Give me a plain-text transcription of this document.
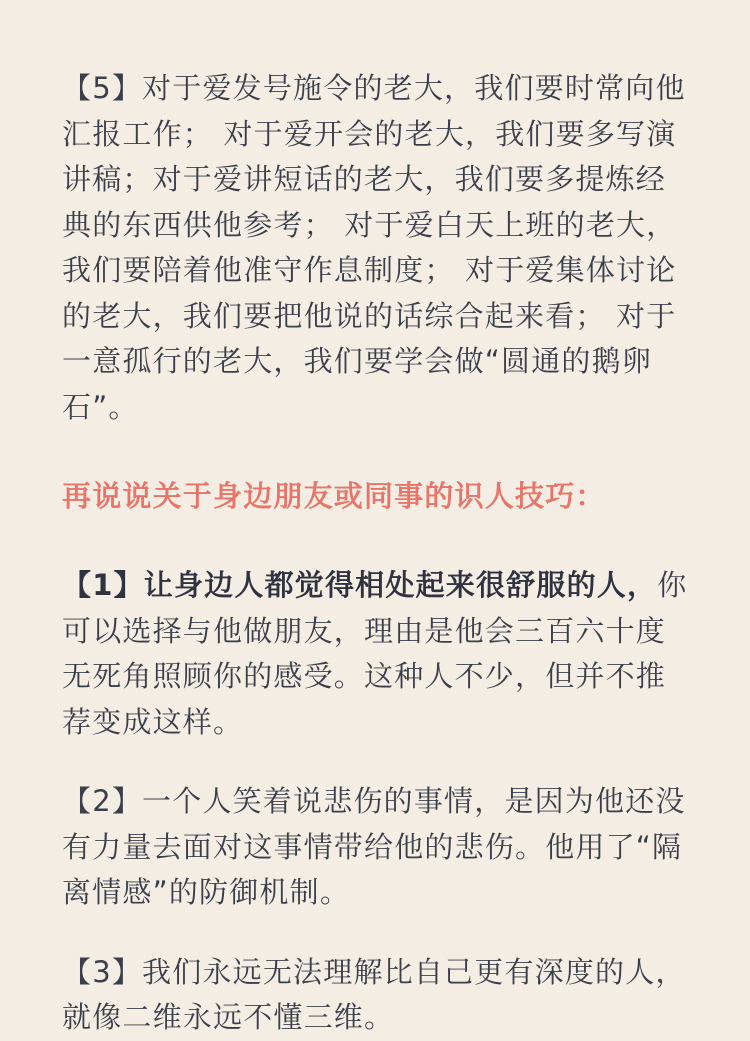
【5】对于爱发号施令的老大，我们要时常向他汇报工作； 对于爱开会的老大，我们要多写演讲稿；对于爱讲短话的老大，我们要多提炼经典的东西供他参考； 对于爱白天上班的老大，我们要陪着他准守作息制度； 对于爱集体讨论的老大，我们要把他说的话综合起来看； 对于一意孤行的老大，我们要学会做“圆通的鹅卵石”。

再说说关于身边朋友或同事的识人技巧：

【1】让身边人都觉得相处起来很舒服的人，你可以选择与他做朋友，理由是他会三百六十度无死角照顾你的感受。这种人不少，但并不推荐变成这样。

【2】一个人笑着说悲伤的事情，是因为他还没有力量去面对这事情带给他的悲伤。他用了“隔离情感”的防御机制。

【3】我们永远无法理解比自己更有深度的人，就像二维永远不懂三维。
